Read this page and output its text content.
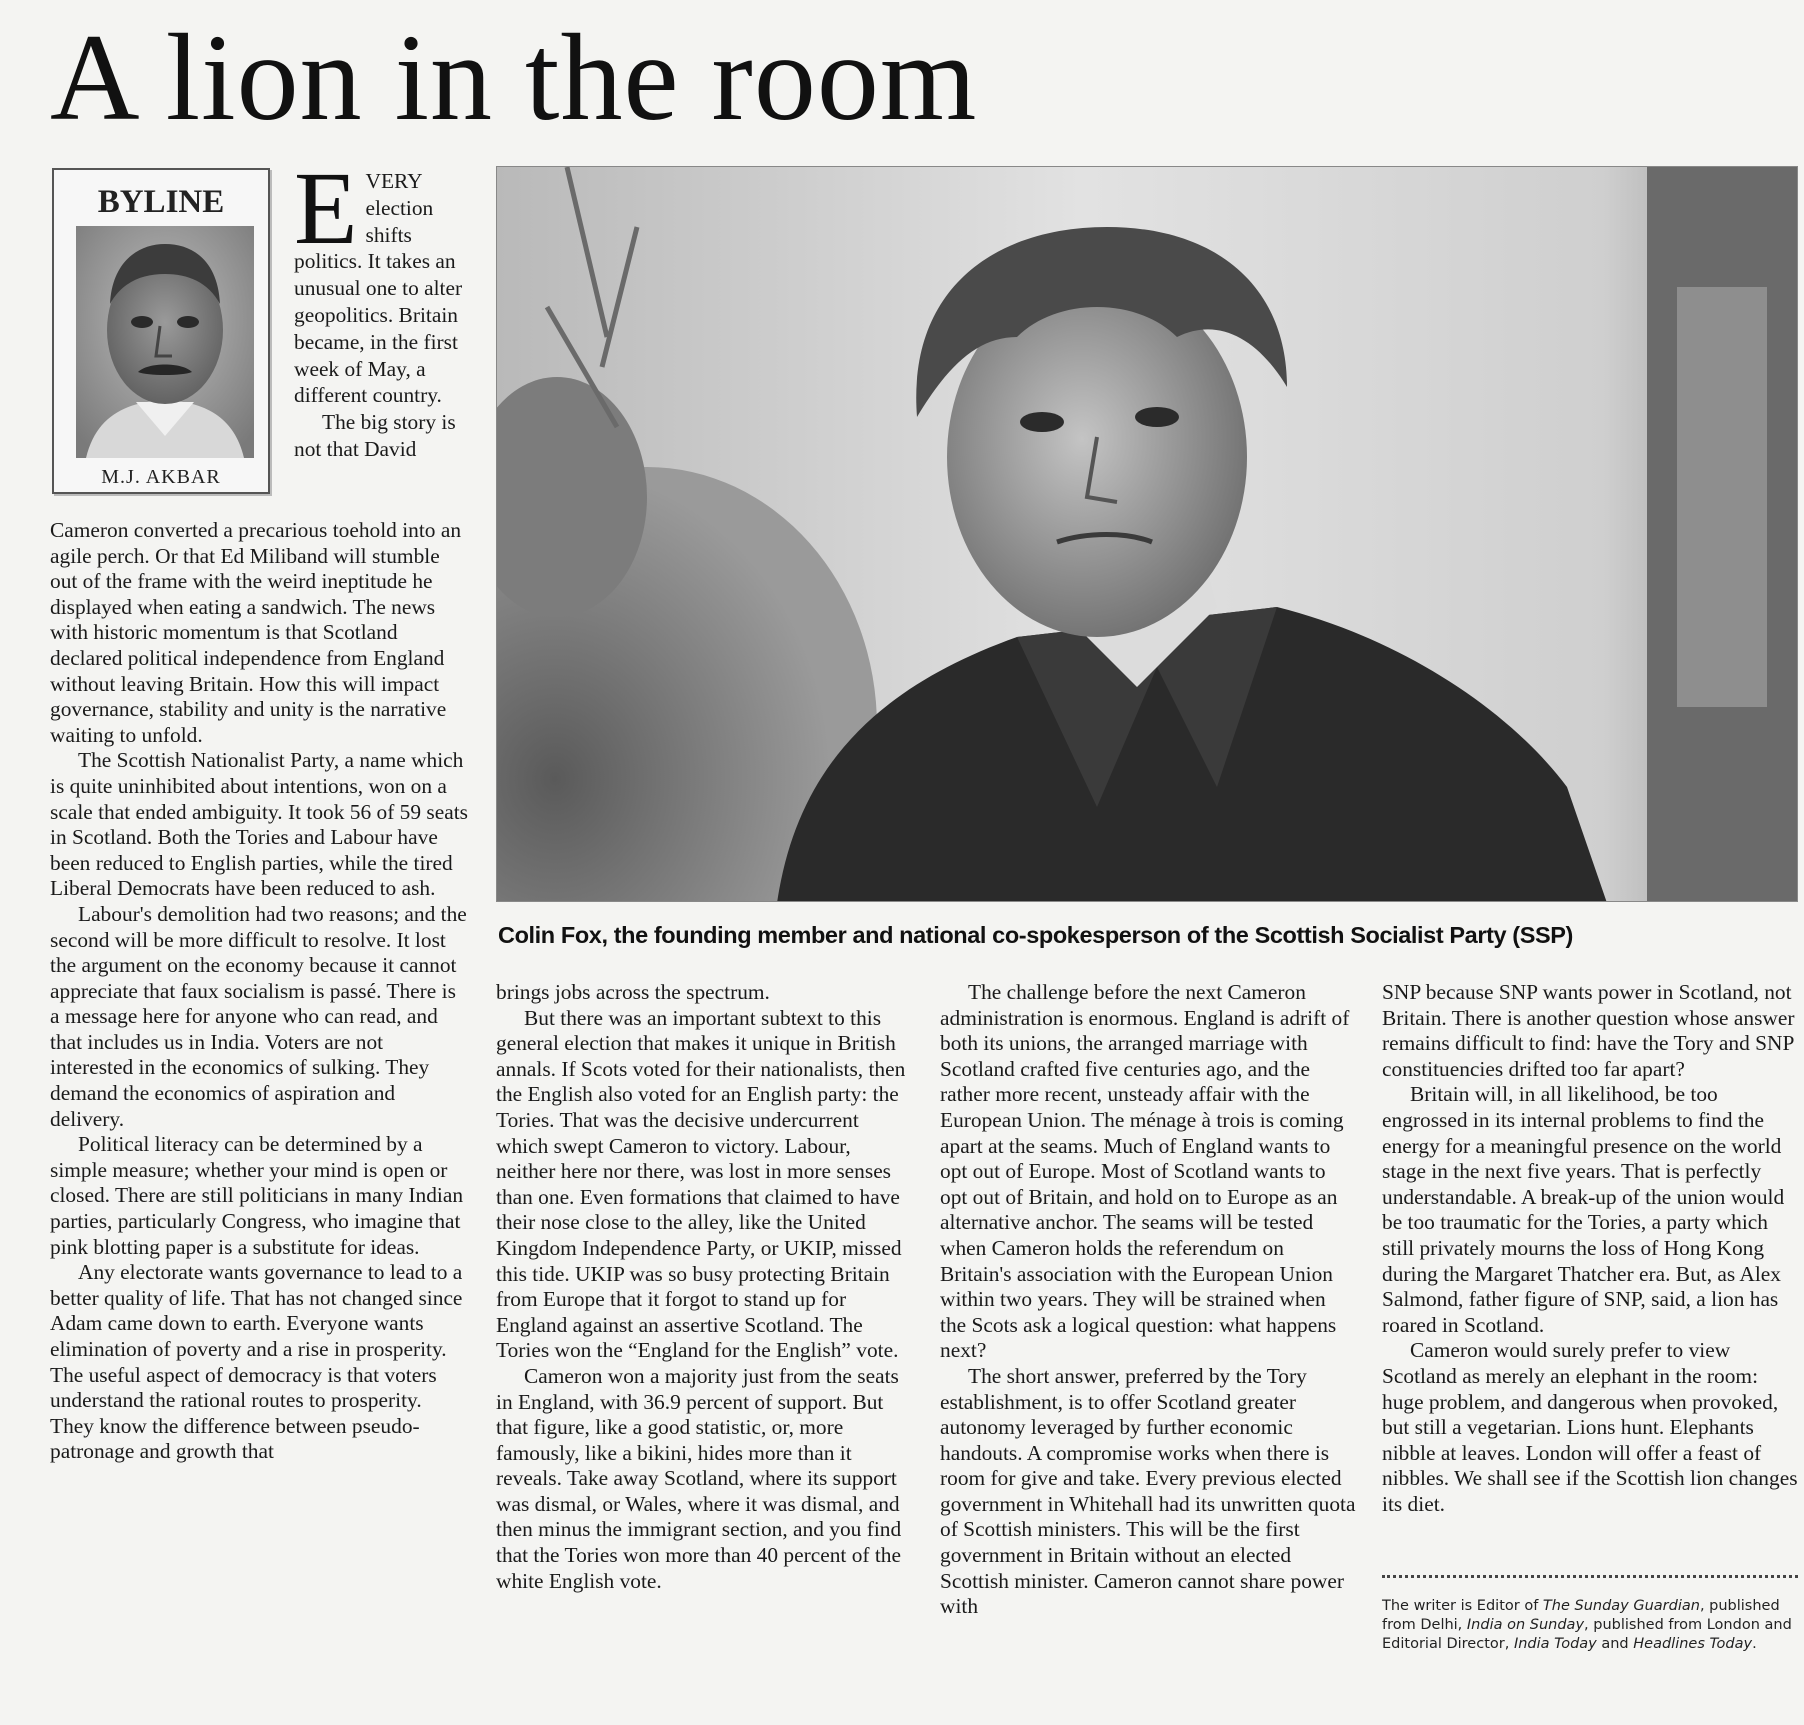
A lion in the room
BYLINE
M.J. AKBAR
E VERY election shifts politics. It takes an unusual one to alter geopolitics. Britain became, in the first week of May, a different country.

The big story is not that David

Cameron converted a precarious toehold into an agile perch. Or that Ed Miliband will stumble out of the frame with the weird ineptitude he displayed when eating a sandwich. The news with historic momentum is that Scotland declared political independence from England without leaving Britain. How this will impact governance, stability and unity is the narrative waiting to unfold.

The Scottish Nationalist Party, a name which is quite uninhibited about intentions, won on a scale that ended ambiguity. It took 56 of 59 seats in Scotland. Both the Tories and Labour have been reduced to English parties, while the tired Liberal Democrats have been reduced to ash.

Labour's demolition had two reasons; and the second will be more difficult to resolve. It lost the argument on the economy because it cannot appreciate that faux socialism is passé. There is a message here for anyone who can read, and that includes us in India. Voters are not interested in the economics of sulking. They demand the economics of aspiration and delivery.

Political literacy can be determined by a simple measure; whether your mind is open or closed. There are still politicians in many Indian parties, particularly Congress, who imagine that pink blotting paper is a substitute for ideas.

Any electorate wants governance to lead to a better quality of life. That has not changed since Adam came down to earth. Everyone wants elimination of poverty and a rise in prosperity. The useful aspect of democracy is that voters understand the rational routes to prosperity. They know the difference between pseudo-patronage and growth that

Colin Fox, the founding member and national co-spokesperson of the Scottish Socialist Party (SSP)

brings jobs across the spectrum.

But there was an important subtext to this general election that makes it unique in British annals. If Scots voted for their nationalists, then the English also voted for an English party: the Tories. That was the decisive undercurrent which swept Cameron to victory. Labour, neither here nor there, was lost in more senses than one. Even formations that claimed to have their nose close to the alley, like the United Kingdom Independence Party, or UKIP, missed this tide. UKIP was so busy protecting Britain from Europe that it forgot to stand up for England against an assertive Scotland. The Tories won the “England for the English” vote.

Cameron won a majority just from the seats in England, with 36.9 percent of support. But that figure, like a good statistic, or, more famously, like a bikini, hides more than it reveals. Take away Scotland, where its support was dismal, or Wales, where it was dismal, and then minus the immigrant section, and you find that the Tories won more than 40 percent of the white English vote.

The challenge before the next Cameron administration is enormous. England is adrift of both its unions, the arranged marriage with Scotland crafted five centuries ago, and the rather more recent, unsteady affair with the European Union. The ménage à trois is coming apart at the seams. Much of England wants to opt out of Europe. Most of Scotland wants to opt out of Britain, and hold on to Europe as an alternative anchor. The seams will be tested when Cameron holds the referendum on Britain's association with the European Union within two years. They will be strained when the Scots ask a logical question: what happens next?

The short answer, preferred by the Tory establishment, is to offer Scotland greater autonomy leveraged by further economic handouts. A compromise works when there is room for give and take. Every previous elected government in Whitehall had its unwritten quota of Scottish ministers. This will be the first government in Britain without an elected Scottish minister. Cameron cannot share power with

SNP because SNP wants power in Scotland, not Britain. There is another question whose answer remains difficult to find: have the Tory and SNP constituencies drifted too far apart?

Britain will, in all likelihood, be too engrossed in its internal problems to find the energy for a meaningful presence on the world stage in the next five years. That is perfectly understandable. A break-up of the union would be too traumatic for the Tories, a party which still privately mourns the loss of Hong Kong during the Margaret Thatcher era. But, as Alex Salmond, father figure of SNP, said, a lion has roared in Scotland.

Cameron would surely prefer to view Scotland as merely an elephant in the room: huge problem, and dangerous when provoked, but still a vegetarian. Lions hunt. Elephants nibble at leaves. London will offer a feast of nibbles. We shall see if the Scottish lion changes its diet.

The writer is Editor of The Sunday Guardian, published from Delhi, India on Sunday, published from London and Editorial Director, India Today and Headlines Today.
